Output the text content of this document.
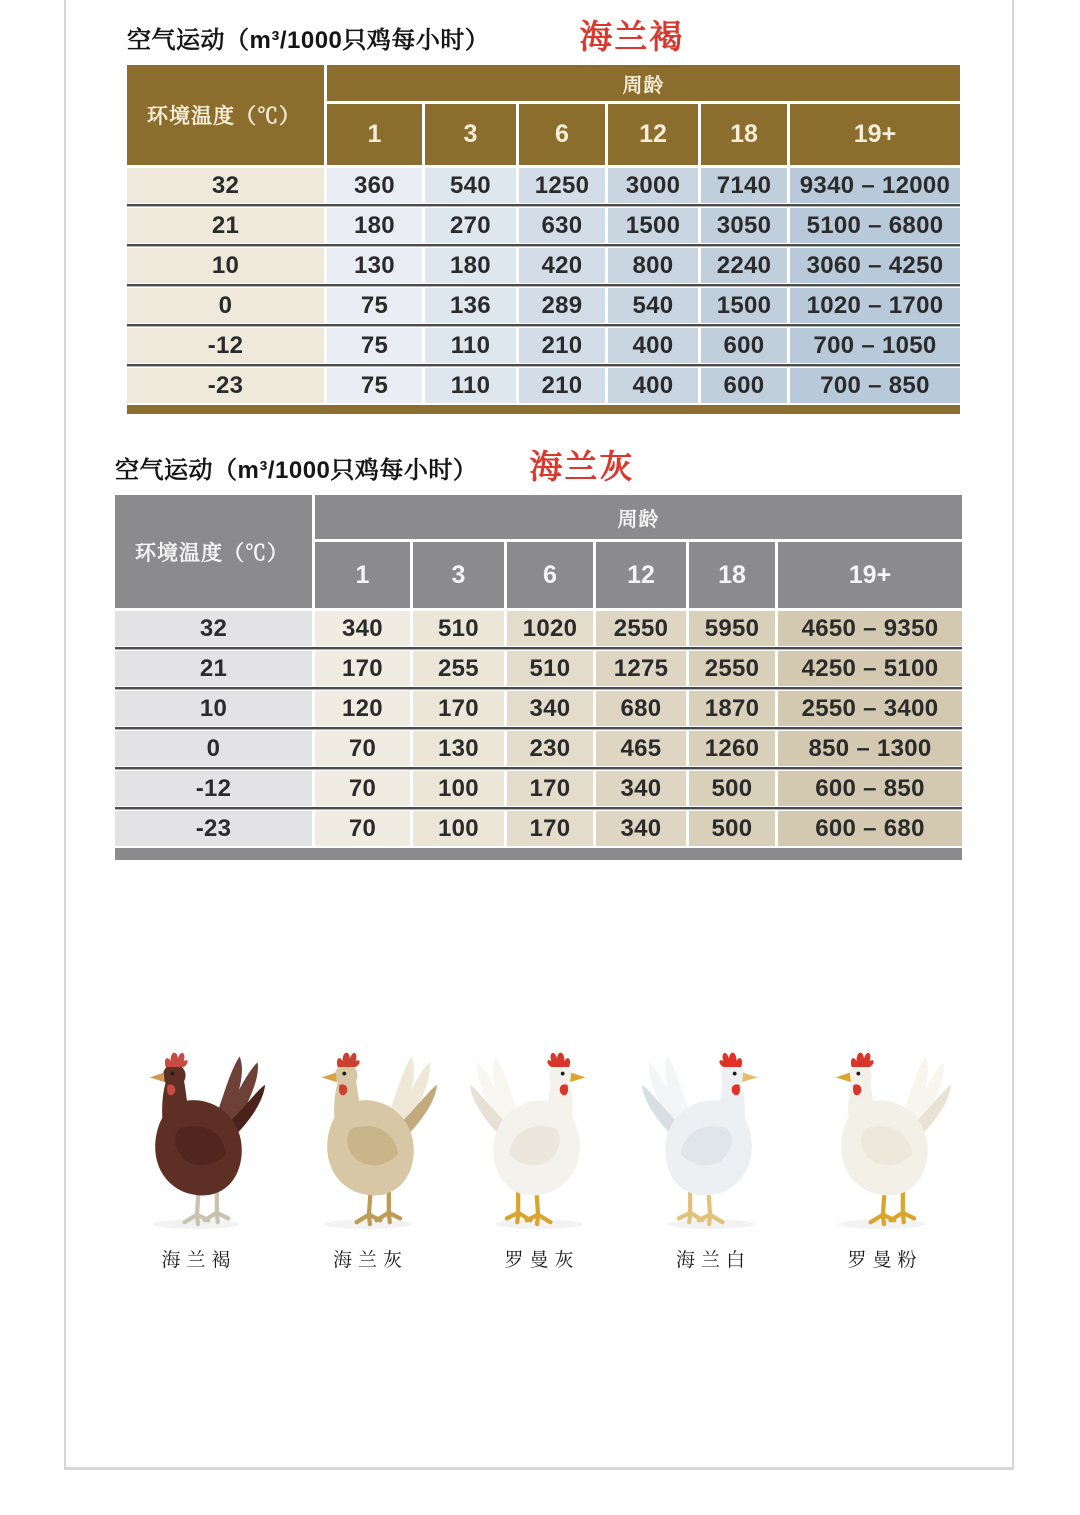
空气运动（m³/1000只鸡每小时）	海兰褐
环境温度（℃）
周龄
1	3	6	12	18	19+
32	360	540	1250	3000	7140	9340 – 12000
21	180	270	630	1500	3050	5100 – 6800
10	130	180	420	800	2240	3060 – 4250
0	75	136	289	540	1500	1020 – 1700
-12	75	110	210	400	600	700 – 1050
-23	75	110	210	400	600	700 – 850
空气运动（m³/1000只鸡每小时） 海兰灰
环境温度（℃）
周龄
1	3	6	12	18	19+
32	340	510	1020	2550	5950	4650 – 9350
21	170	255	510	1275	2550	4250 – 5100
10	120	170	340	680	1870	2550 – 3400
0	70	130	230	465	1260	850 – 1300
-12	70	100	170	340	500	600 – 850
-23	70	100	170	340	500	600 – 680
海兰褐	海兰灰	罗曼灰	海兰白	罗曼粉
